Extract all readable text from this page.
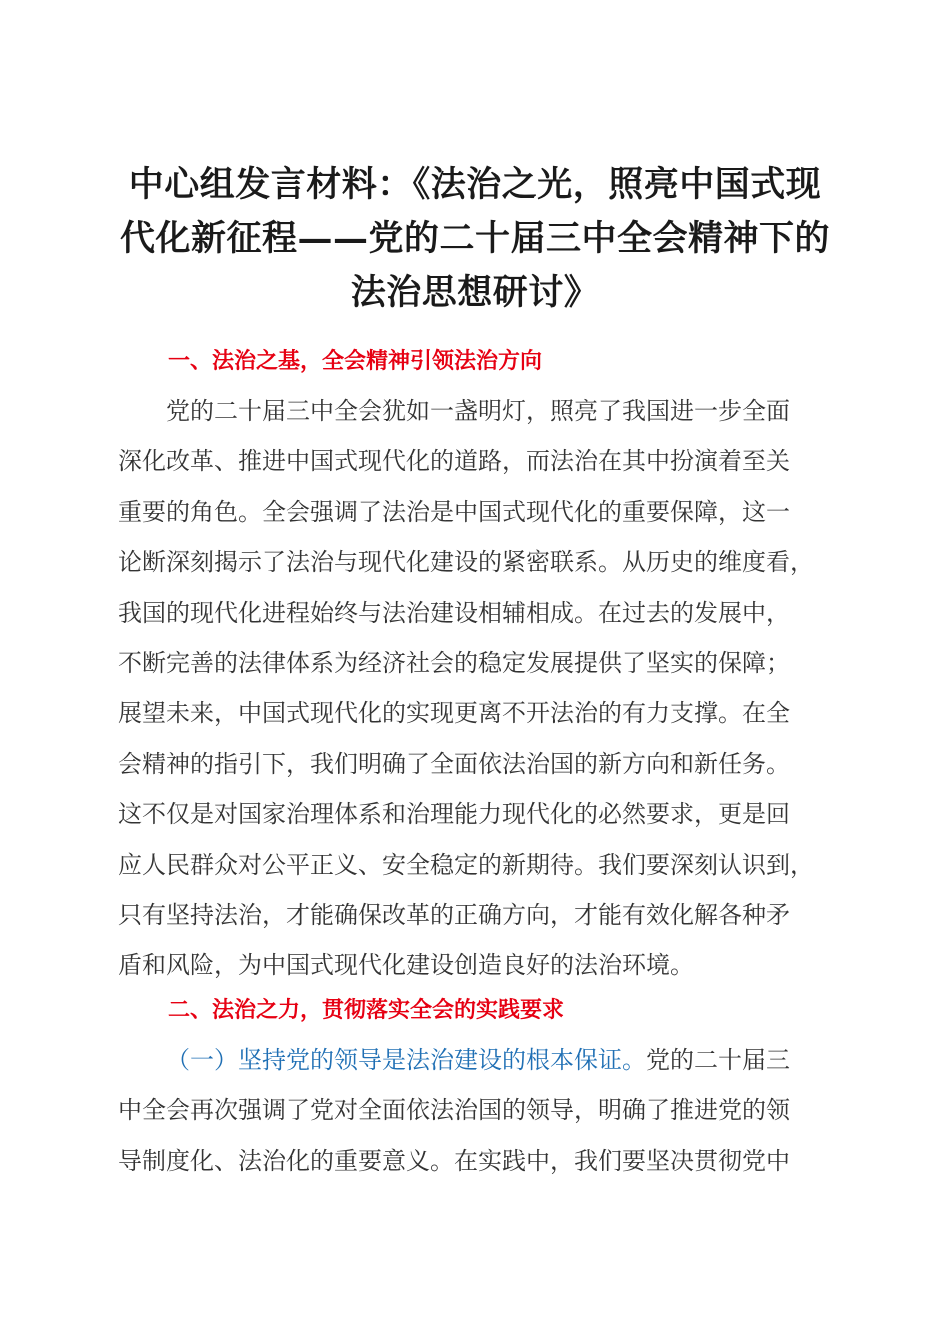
中心组发言材料：《法治之光，照亮中国式现
代化新征程——党的二十届三中全会精神下的
法治思想研讨》
一、法治之基，全会精神引领法治方向
党的二十届三中全会犹如一盏明灯，照亮了我国进一步全面
深化改革、推进中国式现代化的道路，而法治在其中扮演着至关
重要的角色。全会强调了法治是中国式现代化的重要保障，这一
论断深刻揭示了法治与现代化建设的紧密联系。从历史的维度看，
我国的现代化进程始终与法治建设相辅相成。在过去的发展中，
不断完善的法律体系为经济社会的稳定发展提供了坚实的保障；
展望未来，中国式现代化的实现更离不开法治的有力支撑。在全
会精神的指引下，我们明确了全面依法治国的新方向和新任务。
这不仅是对国家治理体系和治理能力现代化的必然要求，更是回
应人民群众对公平正义、安全稳定的新期待。我们要深刻认识到，
只有坚持法治，才能确保改革的正确方向，才能有效化解各种矛
盾和风险，为中国式现代化建设创造良好的法治环境。
二、法治之力，贯彻落实全会的实践要求
（一）坚持党的领导是法治建设的根本保证。党的二十届三
中全会再次强调了党对全面依法治国的领导，明确了推进党的领
导制度化、法治化的重要意义。在实践中，我们要坚决贯彻党中
